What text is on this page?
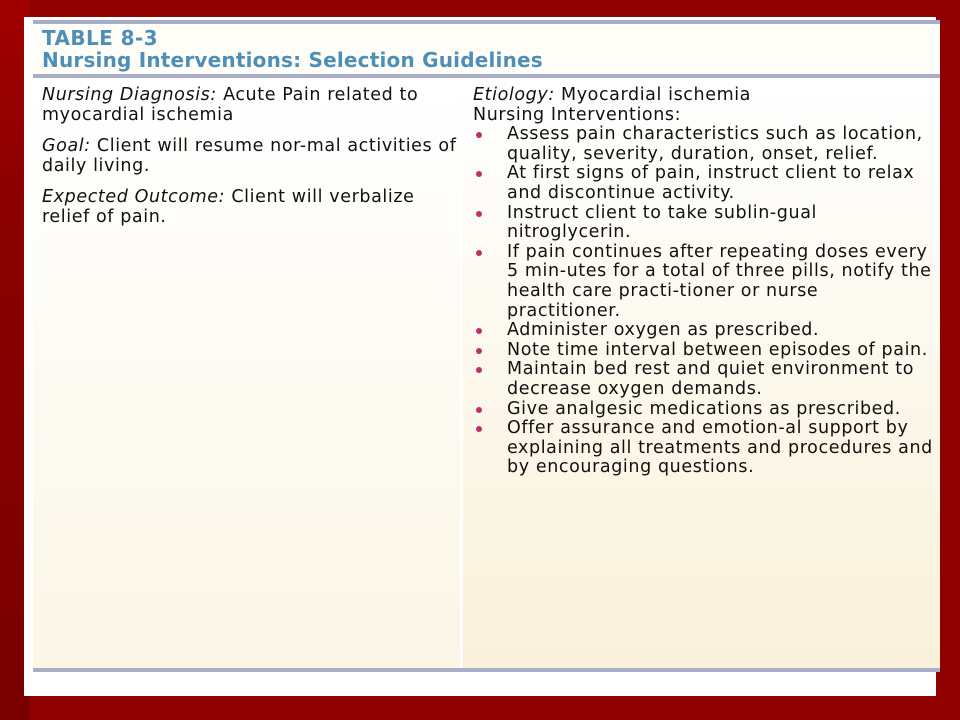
TABLE 8-3
Nursing Interventions: Selection Guidelines

Nursing Diagnosis: Acute Pain related to myocardial ischemia

Goal: Client will resume nor-mal activities of daily living.

Expected Outcome: Client will verbalize relief of pain.

Etiology: Myocardial ischemia
Nursing Interventions:
Assess pain characteristics such as location, quality, severity, duration, onset, relief.
At first signs of pain, instruct client to relax and discontinue activity.
Instruct client to take sublin-gual nitroglycerin.
If pain continues after repeating doses every 5 min-utes for a total of three pills, notify the health care practi-tioner or nurse practitioner.
Administer oxygen as prescribed.
Note time interval between episodes of pain.
Maintain bed rest and quiet environment to decrease oxygen demands.
Give analgesic medications as prescribed.
Offer assurance and emotion-al support by explaining all treatments and procedures and by encouraging questions.
